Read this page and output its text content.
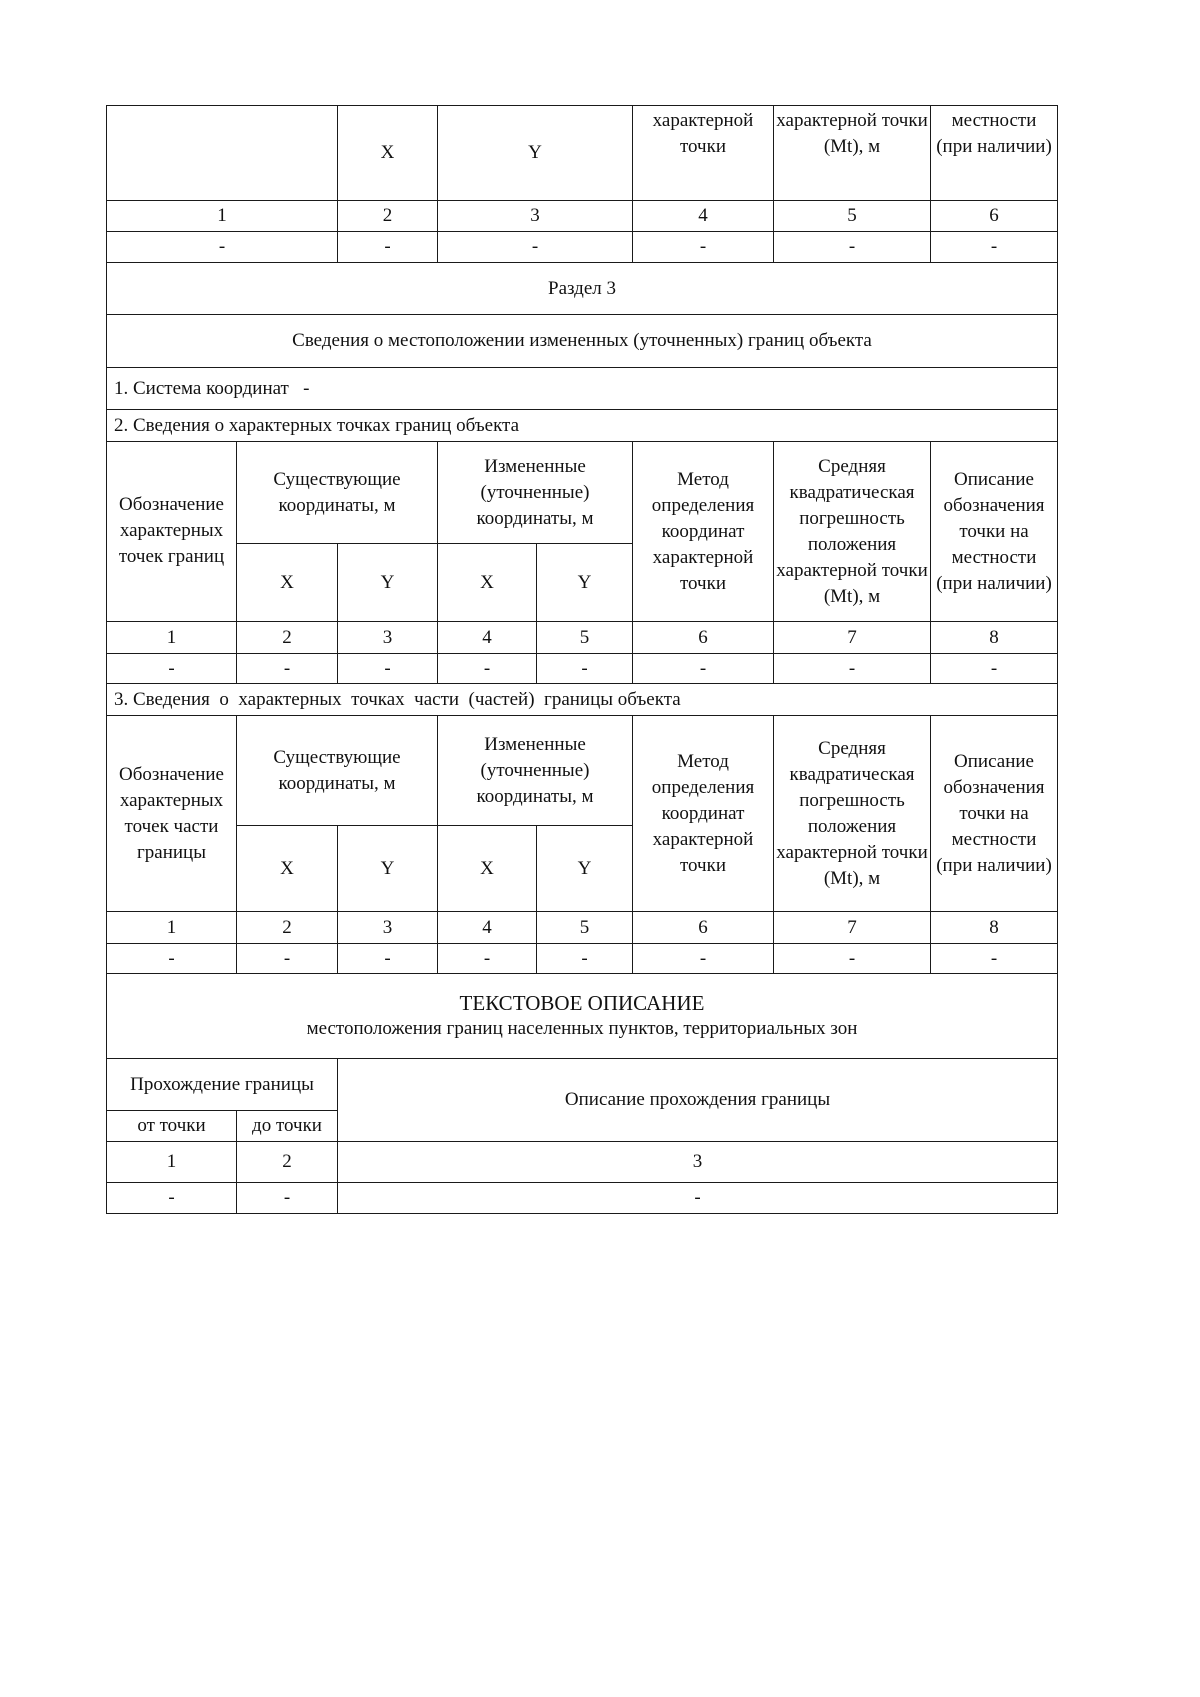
		X	Y		характерной точки	характерной точки (Mt), м	местности (при наличии)
1		2	3		4	5	6
-		-	-		-	-	-
Раздел 3							
Сведения о местоположении измененных (уточненных) границ объекта							
1. Система координат   -							
2. Сведения о характерных точках границ объекта							
Обозначение характерных точек границ	Существующие координаты, м		Измененные (уточненные) координаты, м		Метод определения координат характерной точки	Средняя квадратическая погрешность положения характерной точки (Mt), м	Описание обозначения точки на местности (при наличии)
	X	Y	X	Y			
1	2	3	4	5	6	7	8
-	-	-	-	-	-	-	-
3. Сведения  о  характерных  точках  части  (частей)  границы объекта							
Обозначение характерных точек части границы	Существующие координаты, м		Измененные (уточненные) координаты, м		Метод определения координат характерной точки	Средняя квадратическая погрешность положения характерной точки (Mt), м	Описание обозначения точки на местности (при наличии)
	X	Y	X	Y			
1	2	3	4	5	6	7	8
-	-	-	-	-	-	-	-

ТЕКСТОВОЕ ОПИСАНИЕ
местоположения границ населенных пунктов, территориальных зон							

Прохождение границы		Описание прохождения границы					
от точки	до точки						
1	2	3					
-	-	-					
